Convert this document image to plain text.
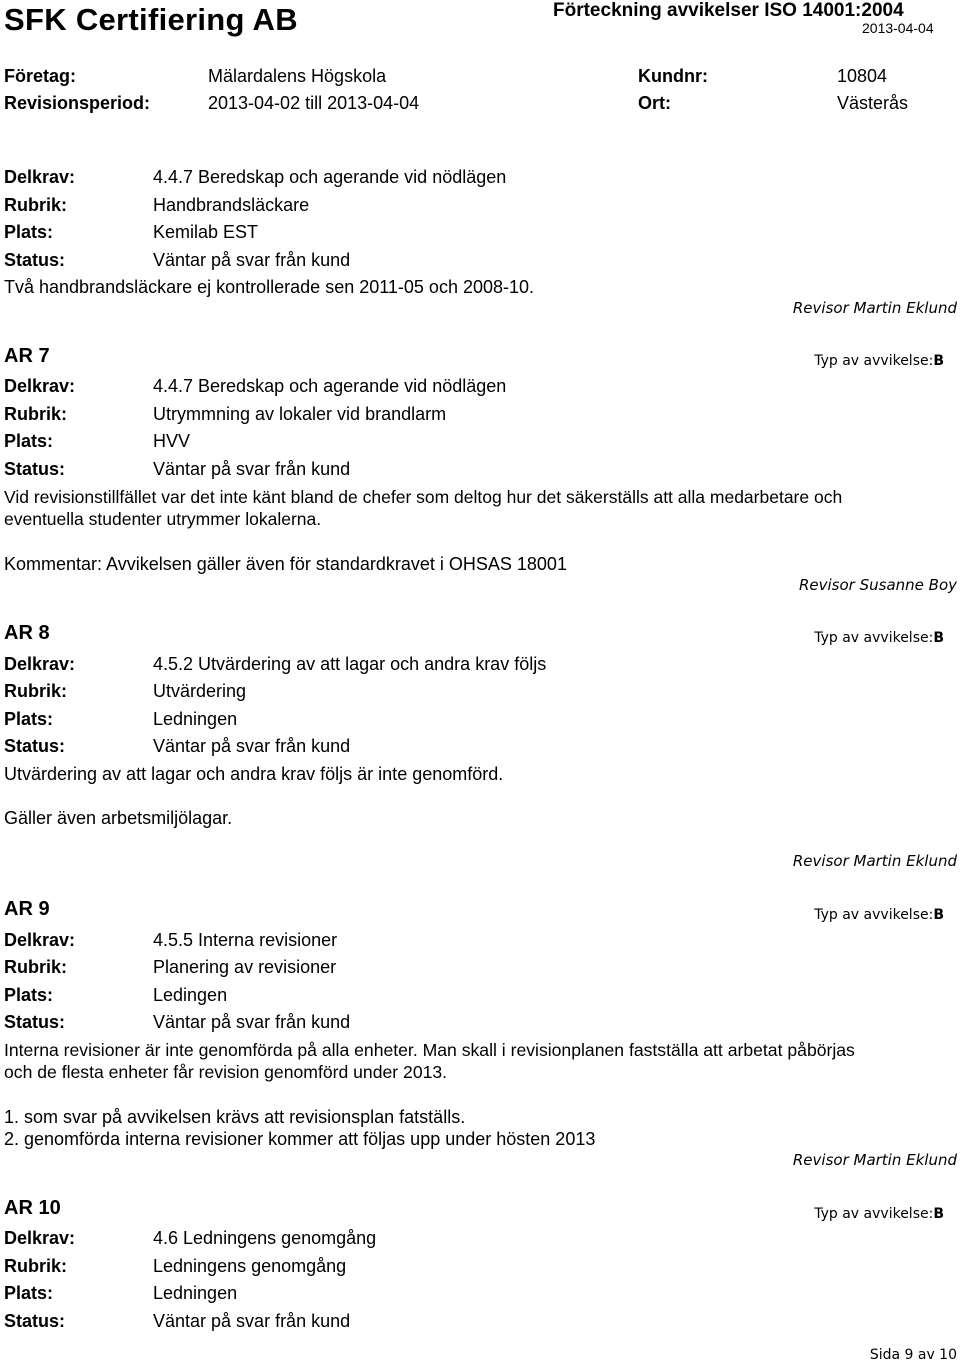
SFK Certifiering AB	Förteckning avvikelser ISO 14001:2004
2013-04-04
Företag:	Mälardalens Högskola	Kundnr:	10804
Revisionsperiod:	2013-04-02 till 2013-04-04	Ort:	Västerås
Delkrav:	4.4.7 Beredskap och agerande vid nödlägen
Rubrik:	Handbrandsläckare
Plats:	Kemilab EST
Status:	Väntar på svar från kund
Två handbrandsläckare ej kontrollerade sen 2011-05 och 2008-10.
Revisor Martin Eklund
AR 7	Typ av avvikelse:B
Delkrav:	4.4.7 Beredskap och agerande vid nödlägen
Rubrik:	Utrymmning av lokaler vid brandlarm
Plats:	HVV
Status:	Väntar på svar från kund
Vid revisionstillfället var det inte känt bland de chefer som deltog hur det säkerställs att alla medarbetare och
eventuella studenter utrymmer lokalerna.
Kommentar: Avvikelsen gäller även för standardkravet i OHSAS 18001
Revisor Susanne Boy
AR 8	Typ av avvikelse:B
Delkrav:	4.5.2 Utvärdering av att lagar och andra krav följs
Rubrik:	Utvärdering
Plats:	Ledningen
Status:	Väntar på svar från kund
Utvärdering av att lagar och andra krav följs är inte genomförd.
Gäller även arbetsmiljölagar.
Revisor Martin Eklund
AR 9	Typ av avvikelse:B
Delkrav:	4.5.5 Interna revisioner
Rubrik:	Planering av revisioner
Plats:	Ledingen
Status:	Väntar på svar från kund
Interna revisioner är inte genomförda på alla enheter. Man skall i revisionplanen fastställa att arbetat påbörjas
och de flesta enheter får revision genomförd under 2013.
1. som svar på avvikelsen krävs att revisionsplan fatställs.
2. genomförda interna revisioner kommer att följas upp under hösten 2013
Revisor Martin Eklund
AR 10	Typ av avvikelse:B
Delkrav:	4.6 Ledningens genomgång
Rubrik:	Ledningens genomgång
Plats:	Ledningen
Status:	Väntar på svar från kund
Sida 9 av 10
